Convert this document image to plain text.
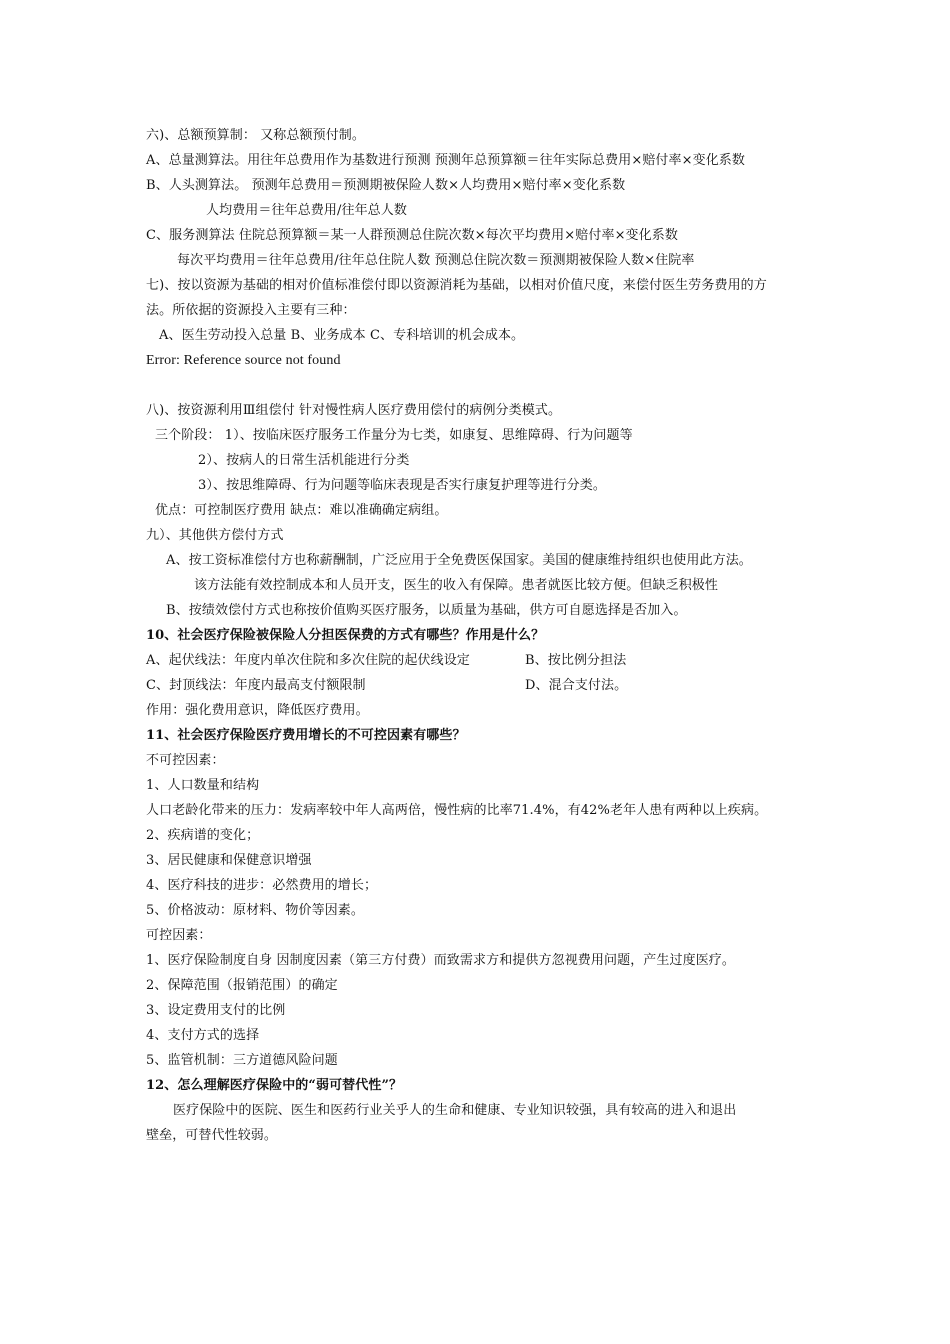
六)、总额预算制： 又称总额预付制。
A、总量测算法。用往年总费用作为基数进行预测 预测年总预算额＝往年实际总费用×赔付率×变化系数
B、人头测算法。 预测年总费用＝预测期被保险人数×人均费用×赔付率×变化系数
人均费用＝往年总费用/往年总人数
C、服务测算法 住院总预算额＝某一人群预测总住院次数×每次平均费用×赔付率×变化系数
每次平均费用＝往年总费用/往年总住院人数 预测总住院次数＝预测期被保险人数×住院率
七)、按以资源为基础的相对价值标准偿付即以资源消耗为基础，以相对价值尺度，来偿付医生劳务费用的方
法。所依据的资源投入主要有三种：
A、医生劳动投入总量 B、业务成本 C、专科培训的机会成本。
Error: Reference source not found
八)、按资源利用Ⅲ组偿付 针对慢性病人医疗费用偿付的病例分类模式。
三个阶段： 1）、按临床医疗服务工作量分为七类，如康复、思维障碍、行为问题等
2）、按病人的日常生活机能进行分类
3）、按思维障碍、行为问题等临床表现是否实行康复护理等进行分类。
优点：可控制医疗费用 缺点：难以准确确定病组。
九）、其他供方偿付方式
A、按工资标准偿付方也称薪酬制，广泛应用于全免费医保国家。美国的健康维持组织也使用此方法。
该方法能有效控制成本和人员开支，医生的收入有保障。患者就医比较方便。但缺乏积极性
B、按绩效偿付方式也称按价值购买医疗服务，以质量为基础，供方可自愿选择是否加入。
10、社会医疗保险被保险人分担医保费的方式有哪些？作用是什么？
A、起伏线法：年度内单次住院和多次住院的起伏线设定	B、按比例分担法
C、封顶线法：年度内最高支付额限制	D、混合支付法。
作用：强化费用意识，降低医疗费用。
11、社会医疗保险医疗费用增长的不可控因素有哪些？
不可控因素：
1、人口数量和结构
人口老龄化带来的压力：发病率较中年人高两倍，慢性病的比率71.4%，有42%老年人患有两种以上疾病。
2、疾病谱的变化；
3、居民健康和保健意识增强
4、医疗科技的进步：必然费用的增长；
5、价格波动：原材料、物价等因素。
可控因素：
1、医疗保险制度自身 因制度因素（第三方付费）而致需求方和提供方忽视费用问题，产生过度医疗。
2、保障范围（报销范围）的确定
3、设定费用支付的比例
4、支付方式的选择
5、监管机制：三方道德风险问题
12、怎么理解医疗保险中的“弱可替代性”？
医疗保险中的医院、医生和医药行业关乎人的生命和健康、专业知识较强，具有较高的进入和退出
壁垒，可替代性较弱。
